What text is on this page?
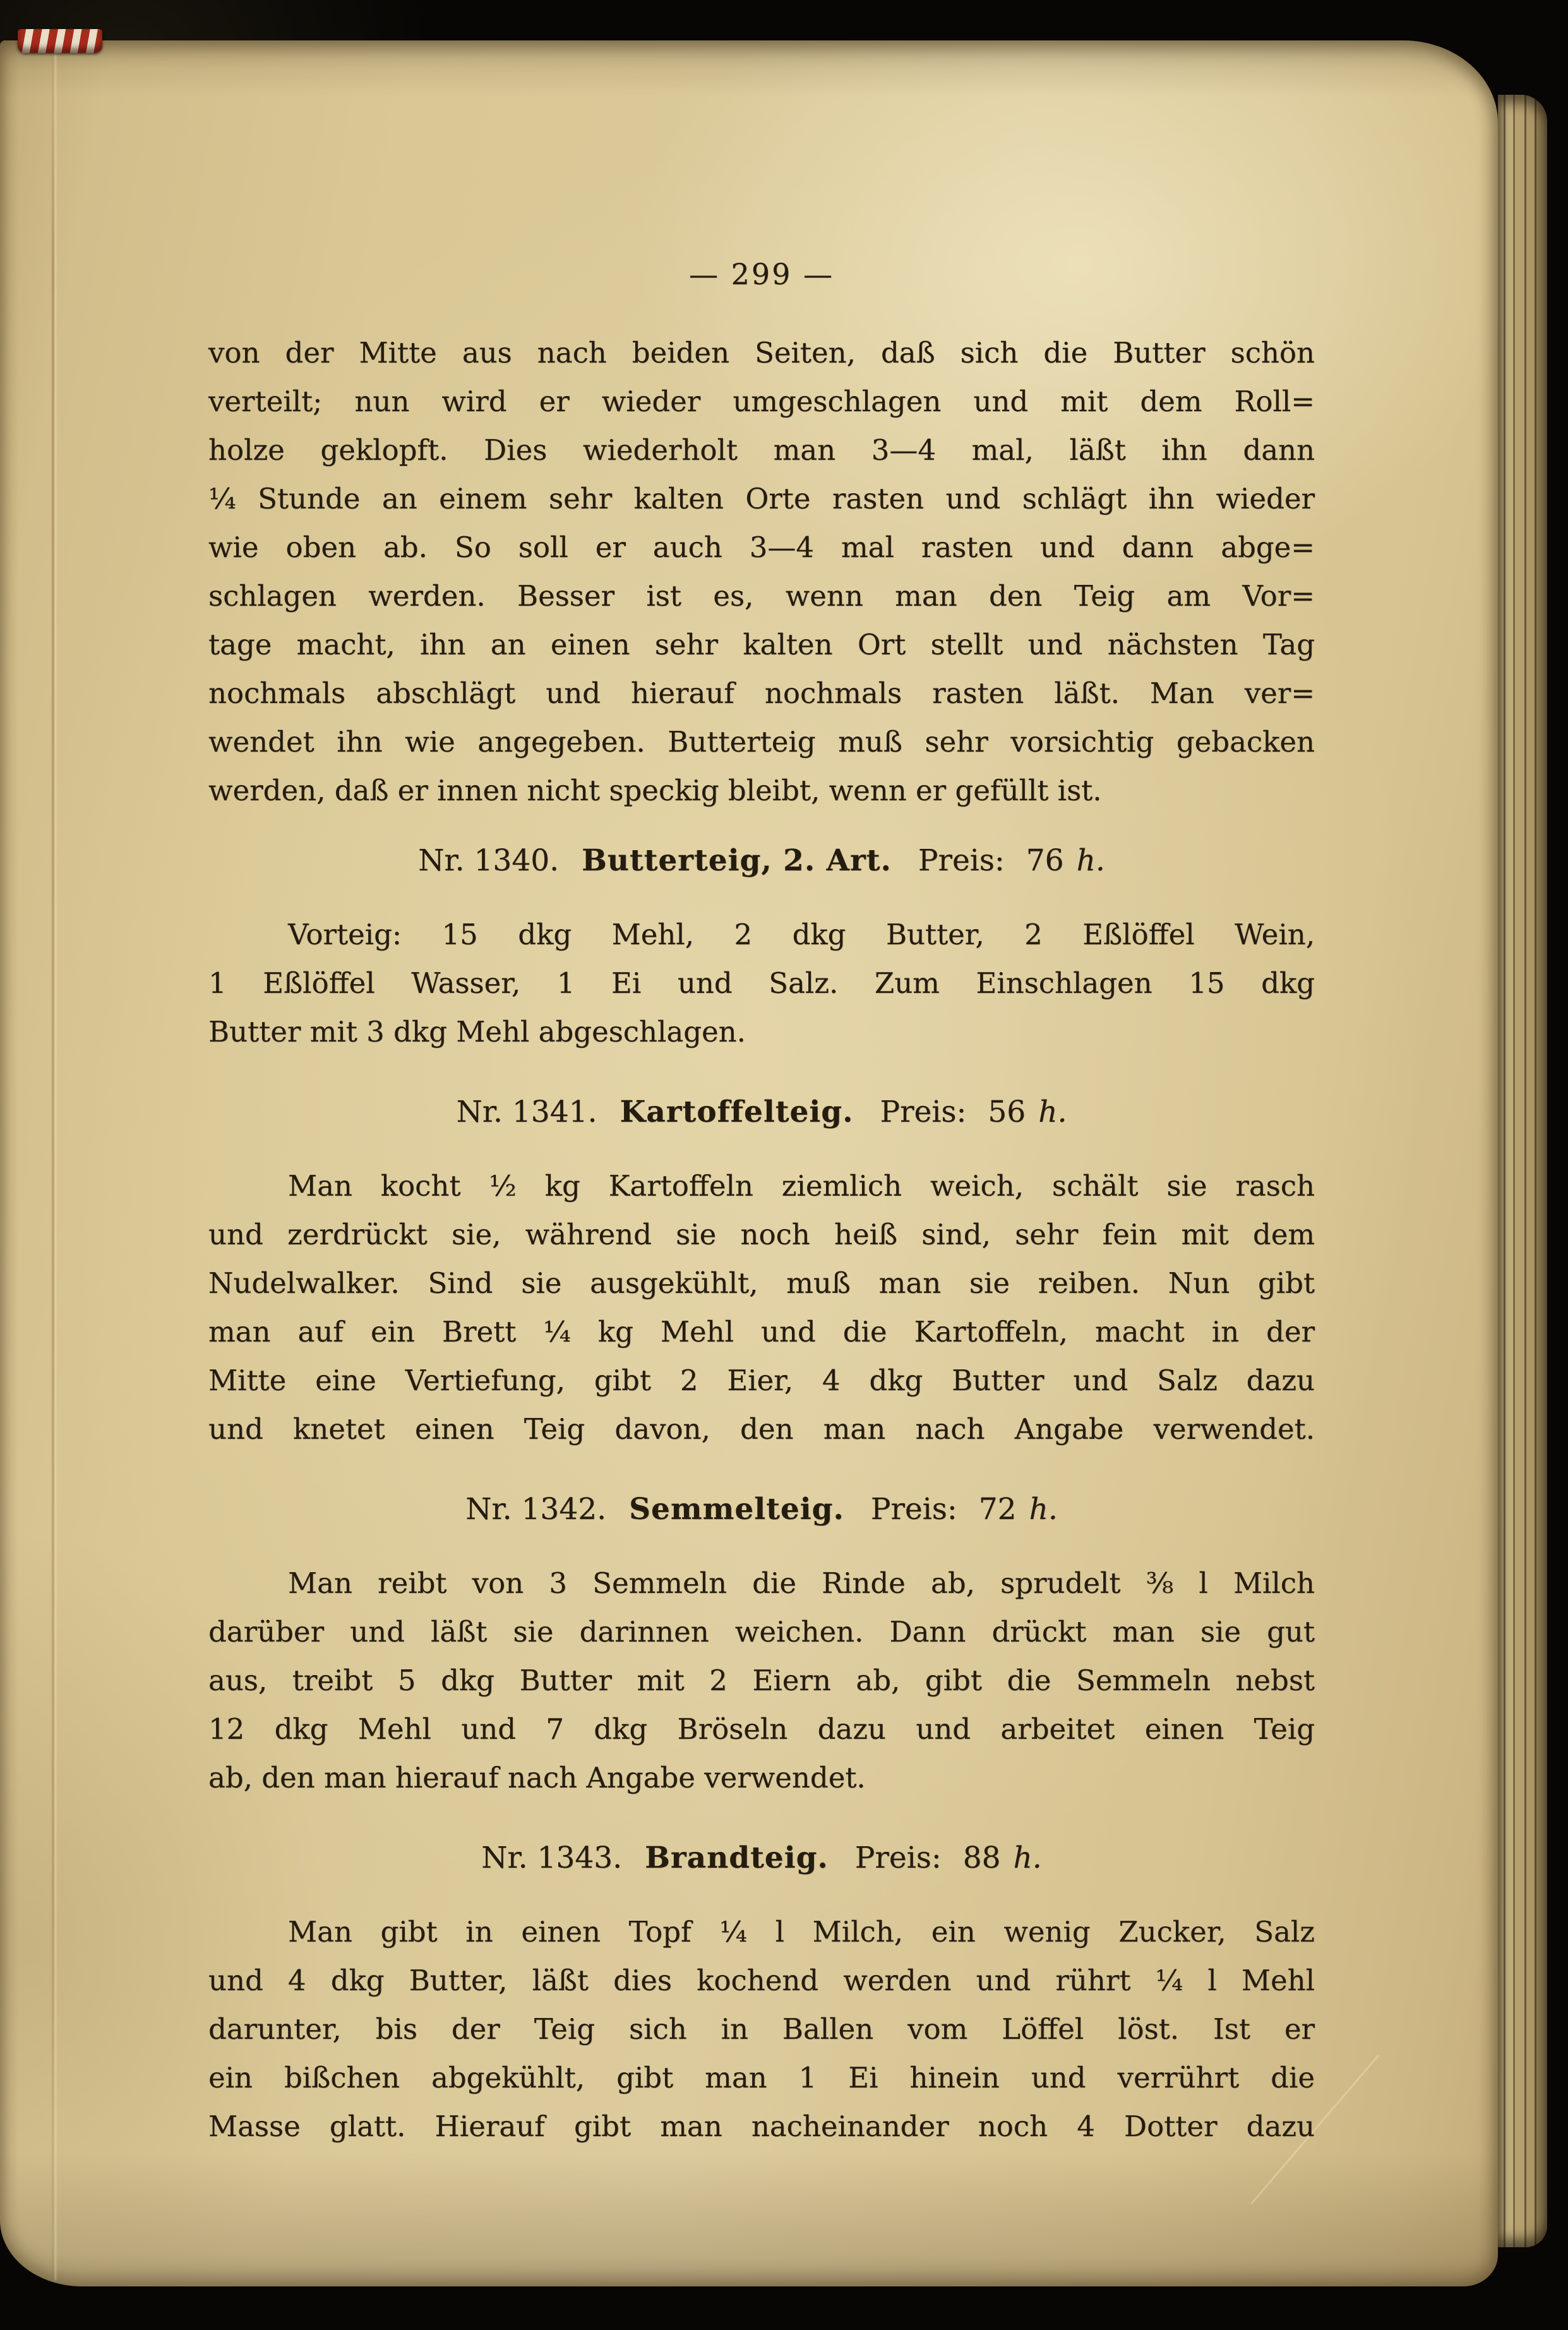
— 299 —
von der Mitte aus nach beiden Seiten, daß sich die Butter schön
verteilt; nun wird er wieder umgeschlagen und mit dem Roll=
holze geklopft. Dies wiederholt man 3—4 mal, läßt ihn dann
¼ Stunde an einem sehr kalten Orte rasten und schlägt ihn wieder
wie oben ab. So soll er auch 3—4 mal rasten und dann abge=
schlagen werden. Besser ist es, wenn man den Teig am Vor=
tage macht, ihn an einen sehr kalten Ort stellt und nächsten Tag
nochmals abschlägt und hierauf nochmals rasten läßt. Man ver=
wendet ihn wie angegeben. Butterteig muß sehr vorsichtig gebacken
werden, daß er innen nicht speckig bleibt, wenn er gefüllt ist.
Nr. 1340. Butterteig, 2. Art. Preis: 76 h.
Vorteig: 15 dkg Mehl, 2 dkg Butter, 2 Eßlöffel Wein,
1 Eßlöffel Wasser, 1 Ei und Salz. Zum Einschlagen 15 dkg
Butter mit 3 dkg Mehl abgeschlagen.
Nr. 1341. Kartoffelteig. Preis: 56 h.
Man kocht ½ kg Kartoffeln ziemlich weich, schält sie rasch
und zerdrückt sie, während sie noch heiß sind, sehr fein mit dem
Nudelwalker. Sind sie ausgekühlt, muß man sie reiben. Nun gibt
man auf ein Brett ¼ kg Mehl und die Kartoffeln, macht in der
Mitte eine Vertiefung, gibt 2 Eier, 4 dkg Butter und Salz dazu
und knetet einen Teig davon, den man nach Angabe verwendet.
Nr. 1342. Semmelteig. Preis: 72 h.
Man reibt von 3 Semmeln die Rinde ab, sprudelt ⅜ l Milch
darüber und läßt sie darinnen weichen. Dann drückt man sie gut
aus, treibt 5 dkg Butter mit 2 Eiern ab, gibt die Semmeln nebst
12 dkg Mehl und 7 dkg Bröseln dazu und arbeitet einen Teig
ab, den man hierauf nach Angabe verwendet.
Nr. 1343. Brandteig. Preis: 88 h.
Man gibt in einen Topf ¼ l Milch, ein wenig Zucker, Salz
und 4 dkg Butter, läßt dies kochend werden und rührt ¼ l Mehl
darunter, bis der Teig sich in Ballen vom Löffel löst. Ist er
ein bißchen abgekühlt, gibt man 1 Ei hinein und verrührt die
Masse glatt. Hierauf gibt man nacheinander noch 4 Dotter dazu
